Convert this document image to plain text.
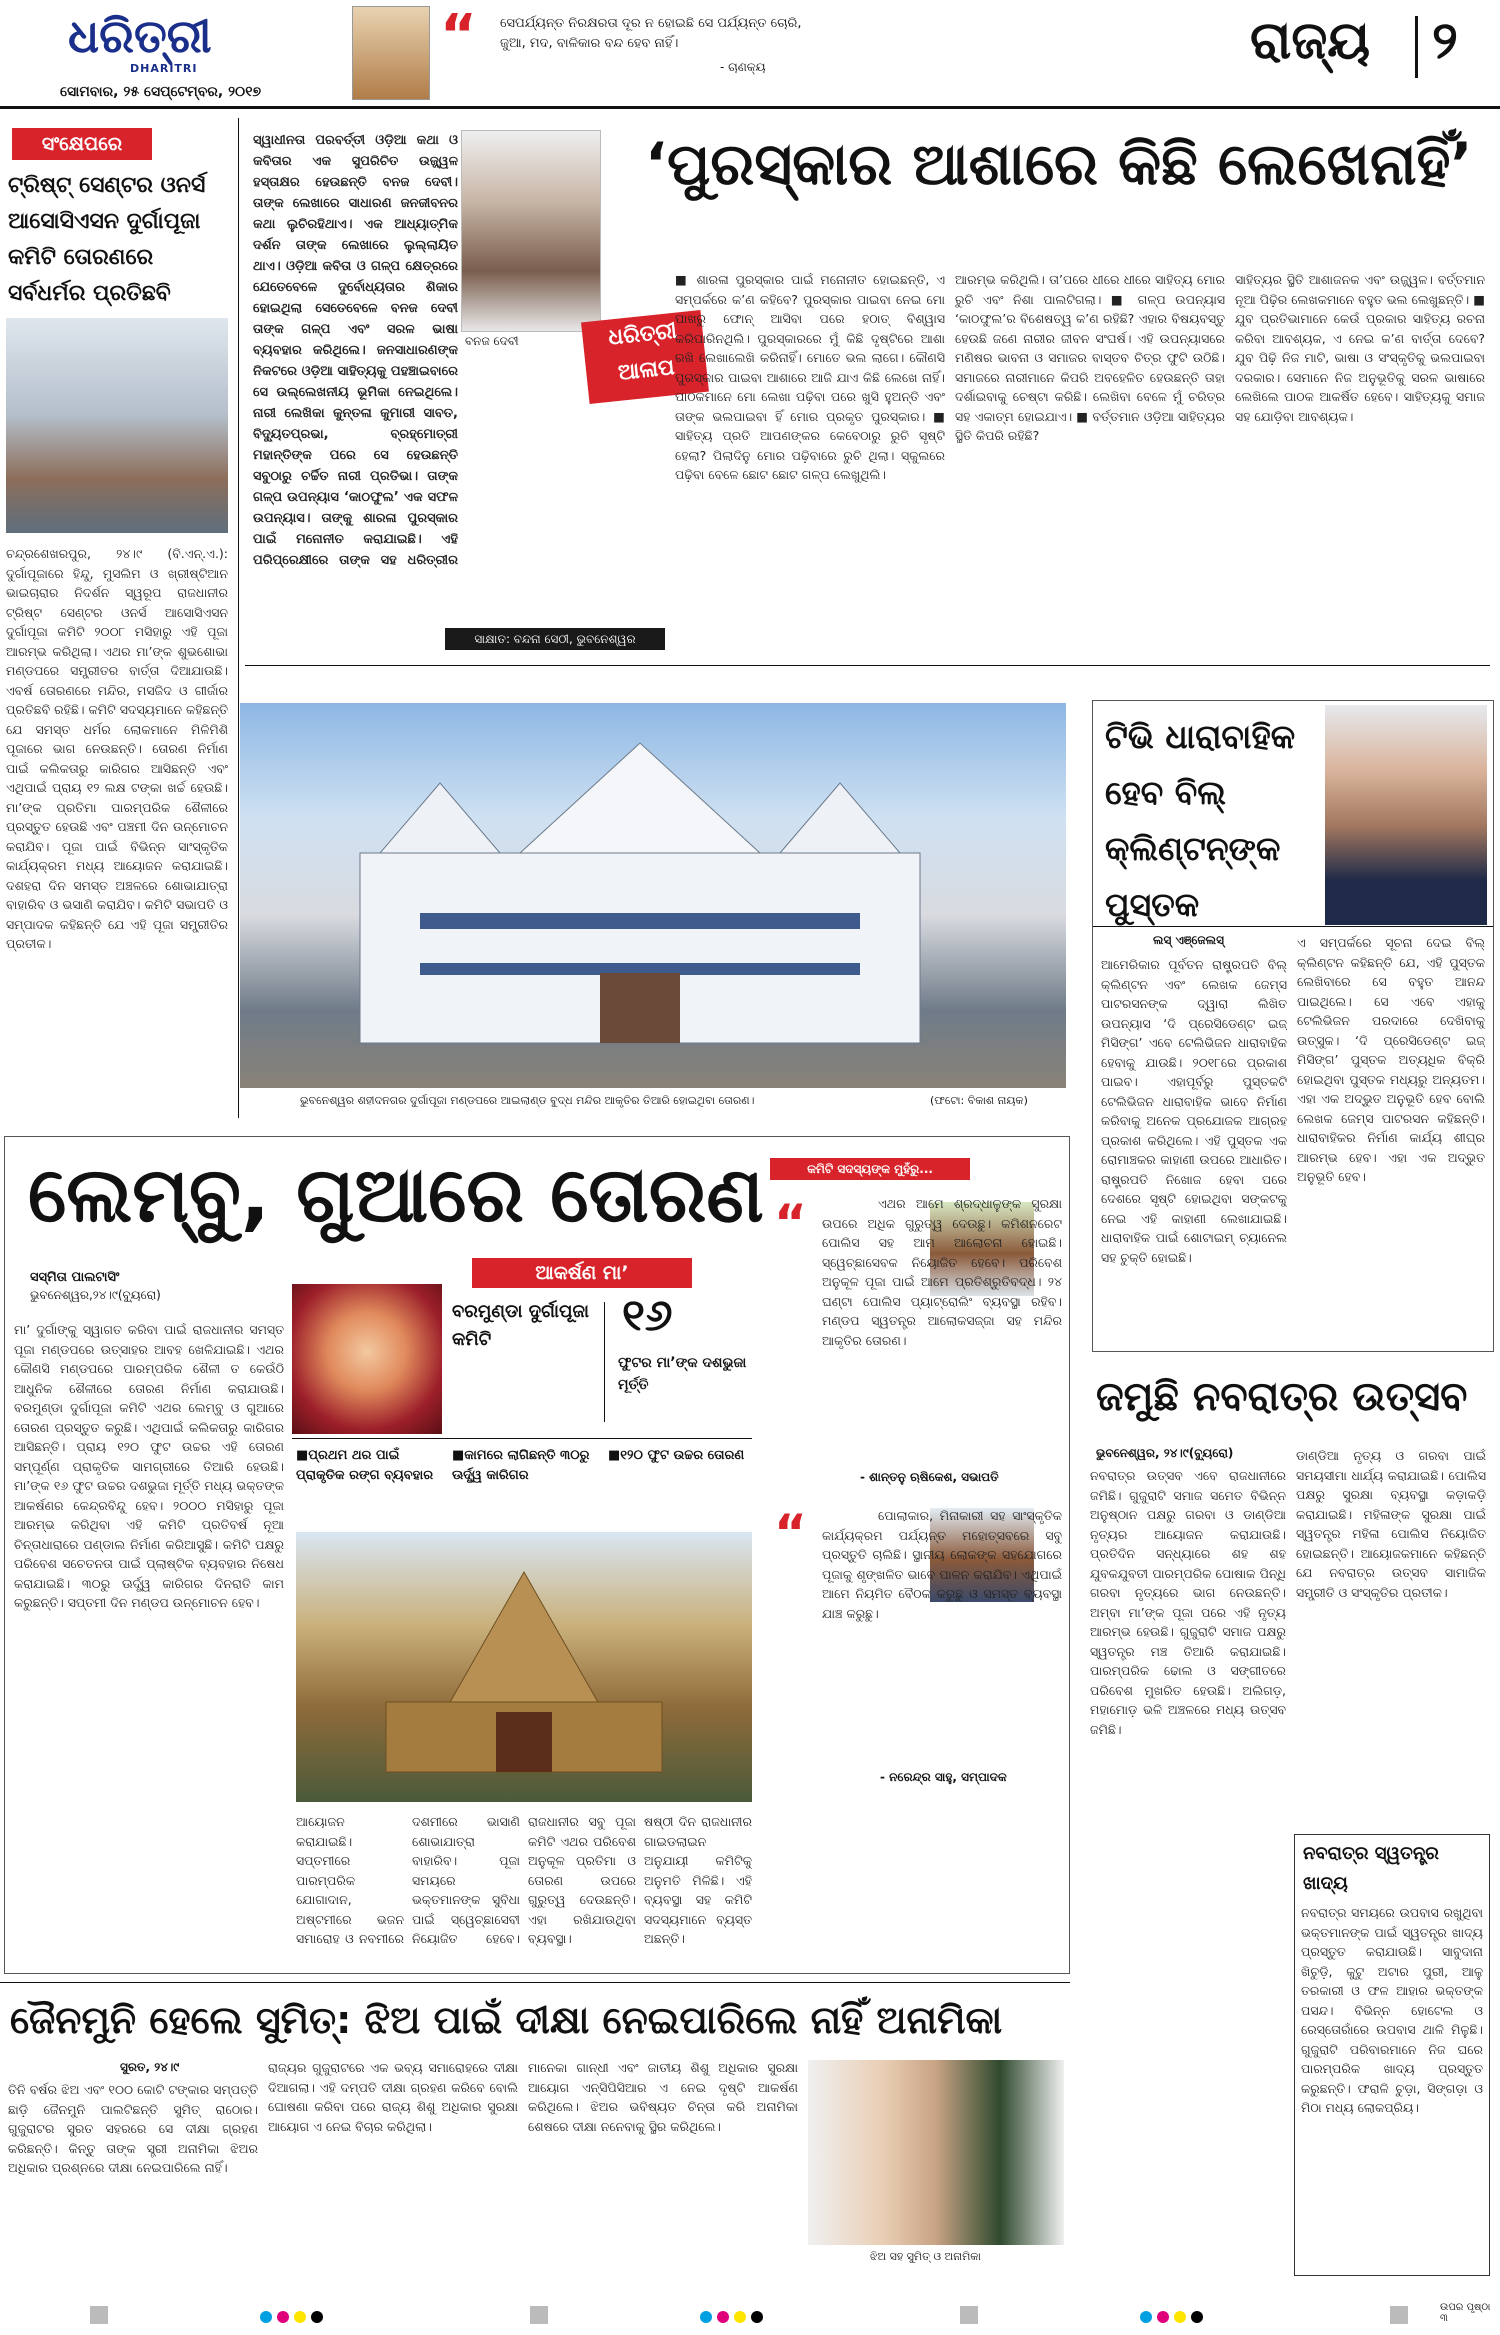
ଧରିତ୍ରୀ
DHARITRI
ସୋମବାର, ୨୫ ସେପ୍ଟେମ୍ବର, ୨୦୧୭
“ ସେପର୍ଯ୍ୟନ୍ତ ନିରକ୍ଷରତା ଦୂର ନ ହୋଇଛି ସେ ପର୍ଯ୍ୟନ୍ତ ଚୋରି, ଜୁଆ, ମଦ, ବାଳିକାର ବନ୍ଦ ହେବ ନାହିଁ।
- ଚାଣକ୍ୟ	ରାଜ୍ୟ ୨
ସଂକ୍ଷେପରେ
ଟ୍ରିଷ୍ଟ୍ ସେଣ୍ଟର ଓନର୍ସ ଆସୋସିଏସନ ଦୁର୍ଗାପୂଜା କମିଟି ତୋରଣରେ ସର୍ବଧର୍ମର ପ୍ରତିଛବି
ଚନ୍ଦ୍ରଶେଖରପୁର, ୨୪।୯ (ବି.ଏନ୍.ଏ.): ଦୁର୍ଗାପୂଜାରେ ହିନ୍ଦୁ, ମୁସଲିମ ଓ ଖ୍ରୀଷ୍ଟିଆନ ଭାଇଚାରାର ନିଦର୍ଶନ ସ୍ୱରୂପ ରାଜଧାନୀର ଟ୍ରିଷ୍ଟ ସେଣ୍ଟର ଓନର୍ସ ଆସୋସିଏସନ ଦୁର୍ଗାପୂଜା କମିଟି ୨୦୦୮ ମସିହାରୁ ଏହି ପୂଜା ଆରମ୍ଭ କରିଥିଲା। ଏଥର ମା’ଙ୍କ ଶୁଭଶୋଭା ମଣ୍ଡପରେ ସମ୍ପ୍ରୀତର ବାର୍ତ୍ତା ଦିଆଯାଉଛି। ଏବର୍ଷ ତୋରଣରେ ମନ୍ଦିର, ମସଜିଦ ଓ ଗୀର୍ଜାର ପ୍ରତିଛବି ରହିଛି। କମିଟି ସଦସ୍ୟମାନେ କହିଛନ୍ତି ଯେ ସମସ୍ତ ଧର୍ମର ଲୋକମାନେ ମିଳିମିଶି ପୂଜାରେ ଭାଗ ନେଉଛନ୍ତି। ତୋରଣ ନିର୍ମାଣ ପାଇଁ କଲିକତାରୁ କାରିଗର ଆସିଛନ୍ତି ଏବଂ ଏଥିପାଇଁ ପ୍ରାୟ ୧୨ ଲକ୍ଷ ଟଙ୍କା ଖର୍ଚ୍ଚ ହେଉଛି। ମା’ଙ୍କ ପ୍ରତିମା ପାରମ୍ପରିକ ଶୈଳୀରେ ପ୍ରସ୍ତୁତ ହେଉଛି ଏବଂ ପଞ୍ଚମୀ ଦିନ ଉନ୍ମୋଚନ କରାଯିବ। ପୂଜା ପାଇଁ ବିଭିନ୍ନ ସାଂସ୍କୃତିକ କାର୍ଯ୍ୟକ୍ରମ ମଧ୍ୟ ଆୟୋଜନ କରାଯାଇଛି। ଦଶହରା ଦିନ ସମସ୍ତ ଅଞ୍ଚଳରେ ଶୋଭାଯାତ୍ରା ବାହାରିବ ଓ ଭସାଣି କରାଯିବ। କମିଟି ସଭାପତି ଓ ସମ୍ପାଦକ କହିଛନ୍ତି ଯେ ଏହି ପୂଜା ସମ୍ପ୍ରୀତିର ପ୍ରତୀକ।
ସ୍ୱାଧୀନତା ପରବର୍ତ୍ତୀ ଓଡ଼ିଆ କଥା ଓ କବିତାର ଏକ ସୁପରିଚିତ ଉଜ୍ଜ୍ୱଳ ହସ୍ତାକ୍ଷର ହେଉଛନ୍ତି ବନଜ ଦେବୀ। ତାଙ୍କ ଲେଖାରେ ସାଧାରଣ ଜନଜୀବନର କଥା ଲୁଚିରହିଥାଏ। ଏକ ଆଧ୍ୟାତ୍ମିକ ଦର୍ଶନ ତାଙ୍କ ଲେଖାରେ ଲୁଲ୍ଲାୟିତ ଥାଏ। ଓଡ଼ିଆ କବିତା ଓ ଗଳ୍ପ କ୍ଷେତ୍ରରେ ଯେତେବେଳେ ଦୁର୍ବୋଧ୍ୟତାର ଶିକାର ହୋଇଥିଲା ସେତେବେଳେ ବନଜ ଦେବୀ ତାଙ୍କ ଗଳ୍ପ ଏବଂ ସରଳ ଭାଷା ବ୍ୟବହାର କରିଥିଲେ। ଜନସାଧାରଣଙ୍କ ନିକଟରେ ଓଡ଼ିଆ ସାହିତ୍ୟକୁ ପହଞ୍ଚାଇବାରେ ସେ ଉଲ୍ଲେଖନୀୟ ଭୂମିକା ନେଇଥିଲେ। ନାରୀ ଲେଖିକା କୁନ୍ତଳା କୁମାରୀ ସାବତ, ବିଦ୍ୟୁତପ୍ରଭା, ବ୍ରହ୍ମୋତ୍ରୀ ମହାନ୍ତିଙ୍କ ପରେ ସେ ହେଉଛନ୍ତି ସବୁଠାରୁ ଚର୍ଚ୍ଚିତ ନାରୀ ପ୍ରତିଭା। ତାଙ୍କ ଗଳ୍ପ ଉପନ୍ୟାସ ‘କାଠଫୁଲ’ ଏକ ସଫଳ ଉପନ୍ୟାସ। ତାଙ୍କୁ ଶାରଳା ପୁରସ୍କାର ପାଇଁ ମନୋନୀତ କରାଯାଇଛି। ଏହି ପରିପ୍ରେକ୍ଷୀରେ ତାଙ୍କ ସହ ଧରିତ୍ରୀର
ବନଜ ଦେବୀ	ଧରିତ୍ରୀ
ଆଳାପ
ସାକ୍ଷାତ: ବନ୍ଦନା ସେଠୀ, ଭୁବନେଶ୍ୱର
‘ପୁରସ୍କାର ଆଶାରେ କିଛି ଲେଖେନାହିଁ’
■ ଶାରଳା ପୁରସ୍କାର ପାଇଁ ମନୋନୀତ ହୋଇଛନ୍ତି, ଏ ସମ୍ପର୍କରେ କ’ଣ କହିବେ? ପୁରସ୍କାର ପାଇବା ନେଇ ମୋ ପାଖରୁ ଫୋନ୍ ଆସିବା ପରେ ହଠାତ୍ ବିଶ୍ୱାସ କରିପାରିନଥିଲି। ପୁରସ୍କାରରେ ମୁଁ କିଛି ଦୃଷ୍ଟିରେ ଆଶା ରଖି ଲେଖାଲେଖି କରିନାହିଁ। ମୋତେ ଭଲ ଲାଗେ। କୌଣସି ପୁରସ୍କାର ପାଇବା ଆଶାରେ ଆଜି ଯାଏ କିଛି ଲେଖେ ନାହିଁ। ପାଠକମାନେ ମୋ ଲେଖା ପଢ଼ିବା ପରେ ଖୁସି ହୁଅନ୍ତି ଏବଂ ତାଙ୍କ ଭଲପାଇବା ହିଁ ମୋର ପ୍ରକୃତ ପୁରସ୍କାର। ■ ସାହିତ୍ୟ ପ୍ରତି ଆପଣଙ୍କର କେବେଠାରୁ ରୁଚି ସୃଷ୍ଟି ହେଲା? ପିଲାଦିନୁ ମୋର ପଢ଼ିବାରେ ରୁଚି ଥିଲା। ସ୍କୁଲରେ ପଢ଼ିବା ବେଳେ ଛୋଟ ଛୋଟ ଗଳ୍ପ ଲେଖୁଥିଲି।
ଆରମ୍ଭ କରିଥିଲି। ତା’ପରେ ଧୀରେ ଧୀରେ ସାହିତ୍ୟ ମୋର ରୁଚି ଏବଂ ନିଶା ପାଲଟିଗଲା। ■ ଗଳ୍ପ ଉପନ୍ୟାସ ‘କାଠଫୁଲ’ର ବିଶେଷତ୍ୱ କ’ଣ ରହିଛି? ଏହାର ବିଷୟବସ୍ତୁ ହେଉଛି ଜଣେ ନାରୀର ଜୀବନ ସଂଘର୍ଷ। ଏହି ଉପନ୍ୟାସରେ ମଣିଷର ଭାବନା ଓ ସମାଜର ବାସ୍ତବ ଚିତ୍ର ଫୁଟି ଉଠିଛି। ସମାଜରେ ନାରୀମାନେ କିପରି ଅବହେଳିତ ହେଉଛନ୍ତି ତାହା ଦର୍ଶାଇବାକୁ ଚେଷ୍ଟା କରିଛି। ଲେଖିବା ବେଳେ ମୁଁ ଚରିତ୍ର ସହ ଏକାତ୍ମ ହୋଇଯାଏ। ■ ବର୍ତ୍ତମାନ ଓଡ଼ିଆ ସାହିତ୍ୟର ସ୍ଥିତି କିପରି ରହିଛି?
ସାହିତ୍ୟର ସ୍ଥିତି ଆଶାଜନକ ଏବଂ ଉଜ୍ଜ୍ୱଳ। ବର୍ତ୍ତମାନ ନୂଆ ପିଢ଼ିର ଲେଖକମାନେ ବହୁତ ଭଲ ଲେଖୁଛନ୍ତି। ■ ଯୁବ ପ୍ରତିଭାମାନେ କେଉଁ ପ୍ରକାର ସାହିତ୍ୟ ରଚନା କରିବା ଆବଶ୍ୟକ, ଏ ନେଇ କ’ଣ ବାର୍ତ୍ତା ଦେବେ? ଯୁବ ପିଢ଼ି ନିଜ ମାଟି, ଭାଷା ଓ ସଂସ୍କୃତିକୁ ଭଲପାଇବା ଦରକାର। ସେମାନେ ନିଜ ଅନୁଭୂତିକୁ ସରଳ ଭାଷାରେ ଲେଖିଲେ ପାଠକ ଆକର୍ଷିତ ହେବେ। ସାହିତ୍ୟକୁ ସମାଜ ସହ ଯୋଡ଼ିବା ଆବଶ୍ୟକ।
ଭୁବନେଶ୍ୱର ଶହୀଦନଗର ଦୁର୍ଗାପୂଜା ମଣ୍ଡପରେ ଆଇଲାଣ୍ଡ ବୁଦ୍ଧ ମନ୍ଦିର ଆକୃତିର ତିଆରି ହୋଇଥିବା ତୋରଣ।	(ଫଟୋ: ବିକାଶ ନାୟକ)
ଟିଭି ଧାରାବାହିକ ହେବ ବିଲ୍ କ୍ଲିଣ୍ଟନ୍‌ଙ୍କ ପୁସ୍ତକ
ଲସ୍ ଏଞ୍ଜେଲସ୍
ଆମେରିକାର ପୂର୍ବତନ ରାଷ୍ଟ୍ରପତି ବିଲ୍ କ୍ଲିଣ୍ଟନ ଏବଂ ଲେଖକ ଜେମ୍ସ ପାଟରସନଙ୍କ ଦ୍ୱାରା ଲିଖିତ ଉପନ୍ୟାସ ‘ଦି ପ୍ରେସିଡେଣ୍ଟ ଇଜ୍ ମିସିଙ୍ଗ’ ଏବେ ଟେଲିଭିଜନ ଧାରାବାହିକ ହେବାକୁ ଯାଉଛି। ୨୦୧୮ରେ ପ୍ରକାଶ ପାଇବ। ଏହାପୂର୍ବରୁ ପୁସ୍ତକଟି ଟେଲିଭିଜନ ଧାରାବାହିକ ଭାବେ ନିର୍ମାଣ କରିବାକୁ ଅନେକ ପ୍ରଯୋଜକ ଆଗ୍ରହ ପ୍ରକାଶ କରିଥିଲେ। ଏହି ପୁସ୍ତକ ଏକ ରୋମାଞ୍ଚକର କାହାଣୀ ଉପରେ ଆଧାରିତ। ରାଷ୍ଟ୍ରପତି ନିଖୋଜ ହେବା ପରେ ଦେଶରେ ସୃଷ୍ଟି ହୋଇଥିବା ସଙ୍କଟକୁ ନେଇ ଏହି କାହାଣୀ ଲେଖାଯାଇଛି। ଧାରାବାହିକ ପାଇଁ ଶୋଟାଇମ୍ ଚ୍ୟାନେଲ ସହ ଚୁକ୍ତି ହୋଇଛି।
ଏ ସମ୍ପର୍କରେ ସୂଚନା ଦେଇ ବିଲ୍ କ୍ଲିଣ୍ଟନ କହିଛନ୍ତି ଯେ, ଏହି ପୁସ୍ତକ ଲେଖିବାରେ ସେ ବହୁତ ଆନନ୍ଦ ପାଇଥିଲେ। ସେ ଏବେ ଏହାକୁ ଟେଲିଭିଜନ ପରଦାରେ ଦେଖିବାକୁ ଉତ୍ସୁକ। ‘ଦି ପ୍ରେସିଡେଣ୍ଟ ଇଜ୍ ମିସିଙ୍ଗ’ ପୁସ୍ତକ ଅତ୍ୟଧିକ ବିକ୍ରି ହୋଇଥିବା ପୁସ୍ତକ ମଧ୍ୟରୁ ଅନ୍ୟତମ। ଏହା ଏକ ଅଦ୍ଭୁତ ଅନୁଭୂତି ହେବ ବୋଲି ଲେଖକ ଜେମ୍ସ ପାଟରସନ କହିଛନ୍ତି। ଧାରାବାହିକର ନିର୍ମାଣ କାର୍ଯ୍ୟ ଶୀଘ୍ର ଆରମ୍ଭ ହେବ। ଏହା ଏକ ଅଦ୍ଭୁତ ଅନୁଭୂତି ହେବ।
ଲେମ୍ବୁ, ଗୁଆରେ ତୋରଣ
ସସ୍ମିତା ପାଲଟାସିଂ
ଭୁବନେଶ୍ୱର,୨୪।୯(ବ୍ୟୁରୋ)
ମା’ ଦୁର୍ଗାଙ୍କୁ ସ୍ୱାଗତ କରିବା ପାଇଁ ରାଜଧାନୀର ସମସ୍ତ ପୂଜା ମଣ୍ଡପରେ ଉତ୍ସାହର ଆବହ ଖେଳିଯାଇଛି। ଏଥର କୌଣସି ମଣ୍ଡପରେ ପାରମ୍ପରିକ ଶୈଳୀ ତ କେଉଁଠି ଆଧୁନିକ ଶୈଳୀରେ ତୋରଣ ନିର୍ମାଣ କରାଯାଉଛି। ବରମୁଣ୍ଡା ଦୁର୍ଗାପୂଜା କମିଟି ଏଥର ଲେମ୍ବୁ ଓ ଗୁଆରେ ତୋରଣ ପ୍ରସ୍ତୁତ କରୁଛି। ଏଥିପାଇଁ କଲିକତାରୁ କାରିଗର ଆସିଛନ୍ତି। ପ୍ରାୟ ୧୨୦ ଫୁଟ ଉଚ୍ଚର ଏହି ତୋରଣ ସମ୍ପୂର୍ଣ୍ଣ ପ୍ରାକୃତିକ ସାମଗ୍ରୀରେ ତିଆରି ହେଉଛି। ମା’ଙ୍କ ୧୬ ଫୁଟ ଉଚ୍ଚର ଦଶଭୁଜା ମୂର୍ତ୍ତି ମଧ୍ୟ ଭକ୍ତଙ୍କ ଆକର୍ଷଣର କେନ୍ଦ୍ରବିନ୍ଦୁ ହେବ। ୨୦୦୦ ମସିହାରୁ ପୂଜା ଆରମ୍ଭ କରିଥିବା ଏହି କମିଟି ପ୍ରତିବର୍ଷ ନୂଆ ଚିନ୍ତାଧାରାରେ ପଣ୍ଡାଲ ନିର୍ମାଣ କରିଆସୁଛି। କମିଟି ପକ୍ଷରୁ ପରିବେଶ ସଚେତନତା ପାଇଁ ପ୍ଲାଷ୍ଟିକ ବ୍ୟବହାର ନିଷେଧ କରାଯାଇଛି। ୩୦ରୁ ଊର୍ଦ୍ଧ୍ୱ କାରିଗର ଦିନରାତି କାମ କରୁଛନ୍ତି। ସପ୍ତମୀ ଦିନ ମଣ୍ଡପ ଉନ୍ମୋଚନ ହେବ।
ଆକର୍ଷଣ ମା’
ବରମୁଣ୍ଡା ଦୁର୍ଗାପୂଜା କମିଟି	୧୬
ଫୁଟର ମା’ଙ୍କ ଦଶଭୁଜା ମୂର୍ତ୍ତି
■ପ୍ରଥମ ଥର ପାଇଁ ପ୍ରାକୃତିକ ରଙ୍ଗ ବ୍ୟବହାର
■କାମରେ ଲାଗିଛନ୍ତି ୩୦ରୁ ଊର୍ଦ୍ଧ୍ୱ କାରିଗର
■୧୨୦ ଫୁଟ ଉଚ୍ଚର ତୋରଣ
ଆୟୋଜନ କରାଯାଇଛି। ସପ୍ତମୀରେ ପାରମ୍ପରିକ ଯୋଗାଦାନ, ଅଷ୍ଟମୀରେ ଭଜନ ସମାରୋହ ଓ ନବମୀରେ
ଦଶମୀରେ ଭାସାଣି ଶୋଭାଯାତ୍ରା ବାହାରିବ। ପୂଜା ସମୟରେ ଭକ୍ତମାନଙ୍କ ସୁବିଧା ପାଇଁ ସ୍ୱେଚ୍ଛାସେବୀ ନିୟୋଜିତ ହେବେ।
ରାଜଧାନୀର ସବୁ ପୂଜା କମିଟି ଏଥର ପରିବେଶ ଅନୁକୂଳ ପ୍ରତିମା ଓ ତୋରଣ ଉପରେ ଗୁରୁତ୍ୱ ଦେଉଛନ୍ତି। ଏହା ରଖିଯାଉଥିବା ବ୍ୟବସ୍ଥା।
ଷଷ୍ଠୀ ଦିନ ରାଜଧାନୀର ଗାଇଡଲାଇନ ଅନୁଯାୟୀ କମିଟିକୁ ଅନୁମତି ମିଳିଛି। ଏହି ବ୍ୟବସ୍ଥା ସହ କମିଟି ସଦସ୍ୟମାନେ ବ୍ୟସ୍ତ ଅଛନ୍ତି।
କମିଟି ସଦସ୍ୟଙ୍କ ମୁହଁରୁ...
“	ଏଥର ଆମେ ଶ୍ରଦ୍ଧାଳୁଙ୍କ ସୁରକ୍ଷା ଉପରେ ଅଧିକ ଗୁରୁତ୍ୱ ଦେଉଛୁ। କମିଶନରେଟ ପୋଲିସ ସହ ଆମ ଆଲୋଚନା ହୋଇଛି। ସ୍ୱେଚ୍ଛାସେବକ ନିୟୋଜିତ ହେବେ। ପରିବେଶ ଅନୁକୂଳ ପୂଜା ପାଇଁ ଆମେ ପ୍ରତିଶ୍ରୁତିବଦ୍ଧ। ୨୪ ଘଣ୍ଟା ପୋଲିସ ପ୍ୟାଟ୍ରୋଲିଂ ବ୍ୟବସ୍ଥା ରହିବ। ମଣ୍ଡପ ସ୍ୱତନ୍ତ୍ର ଆଲୋକସଜ୍ଜା ସହ ମନ୍ଦିର ଆକୃତିର ତୋରଣ।
- ଶାନ୍ତନୁ ଋଷିକେଶ, ସଭାପତି
“	ପୋଲାକାର, ମିନାକାରୀ ସହ ସାଂସ୍କୃତିକ କାର୍ଯ୍ୟକ୍ରମ ପର୍ଯ୍ୟନ୍ତ ମହୋତ୍ସବରେ ସବୁ ପ୍ରସ୍ତୁତି ଚାଲିଛି। ସ୍ଥାନୀୟ ଲୋକଙ୍କ ସହଯୋଗରେ ପୂଜାକୁ ଶୃଙ୍ଖଳିତ ଭାବେ ପାଳନ କରାଯିବ। ଏଥିପାଇଁ ଆମେ ନିୟମିତ ବୈଠକ କରୁଛୁ ଓ ସମସ୍ତ ବ୍ୟବସ୍ଥା ଯାଞ୍ଚ କରୁଛୁ।
- ନରେନ୍ଦ୍ର ସାହୁ, ସମ୍ପାଦକ
ଜମୁଛି ନବରାତ୍ର ଉତ୍ସବ
ଭୁବନେଶ୍ୱର, ୨୪।୯(ବ୍ୟୁରୋ)
ନବରାତ୍ର ଉତ୍ସବ ଏବେ ରାଜଧାନୀରେ ଜମିଛି। ଗୁଜୁରାଟି ସମାଜ ସମେତ ବିଭିନ୍ନ ଅନୁଷ୍ଠାନ ପକ୍ଷରୁ ଗରବା ଓ ଡାଣ୍ଡିଆ ନୃତ୍ୟର ଆୟୋଜନ କରାଯାଉଛି। ପ୍ରତିଦିନ ସନ୍ଧ୍ୟାରେ ଶହ ଶହ ଯୁବକଯୁବତୀ ପାରମ୍ପରିକ ପୋଷାକ ପିନ୍ଧି ଗରବା ନୃତ୍ୟରେ ଭାଗ ନେଉଛନ୍ତି। ଅମ୍ବା ମା’ଙ୍କ ପୂଜା ପରେ ଏହି ନୃତ୍ୟ ଆରମ୍ଭ ହେଉଛି। ଗୁଜୁରାଟି ସମାଜ ପକ୍ଷରୁ ସ୍ୱତନ୍ତ୍ର ମଞ୍ଚ ତିଆରି କରାଯାଇଛି। ପାରମ୍ପରିକ ଢୋଲ ଓ ସଙ୍ଗୀତରେ ପରିବେଶ ମୁଖରିତ ହେଉଛି। ଅଲିଗଡ଼, ମହାମୋଡ଼ ଭଳି ଅଞ୍ଚଳରେ ମଧ୍ୟ ଉତ୍ସବ ଜମିଛି।
ଡାଣ୍ଡିଆ ନୃତ୍ୟ ଓ ଗରବା ପାଇଁ ସମୟସୀମା ଧାର୍ଯ୍ୟ କରାଯାଇଛି। ପୋଲିସ ପକ୍ଷରୁ ସୁରକ୍ଷା ବ୍ୟବସ୍ଥା କଡ଼ାକଡ଼ି କରାଯାଇଛି। ମହିଳାଙ୍କ ସୁରକ୍ଷା ପାଇଁ ସ୍ୱତନ୍ତ୍ର ମହିଳା ପୋଲିସ ନିୟୋଜିତ ହୋଇଛନ୍ତି। ଆୟୋଜକମାନେ କହିଛନ୍ତି ଯେ ନବରାତ୍ର ଉତ୍ସବ ସାମାଜିକ ସମ୍ପ୍ରୀତି ଓ ସଂସ୍କୃତିର ପ୍ରତୀକ।
ନବରାତ୍ର ସ୍ୱତନ୍ତ୍ର ଖାଦ୍ୟ
ନବରାତ୍ର ସମୟରେ ଉପବାସ ରଖୁଥିବା ଭକ୍ତମାନଙ୍କ ପାଇଁ ସ୍ୱତନ୍ତ୍ର ଖାଦ୍ୟ ପ୍ରସ୍ତୁତ କରାଯାଉଛି। ସାବୁଦାନା ଖିଚୁଡ଼ି, କୁଟୁ ଅଟାର ପୁରୀ, ଆଳୁ ତରକାରୀ ଓ ଫଳ ଆହାର ଭକ୍ତଙ୍କ ପସନ୍ଦ। ବିଭିନ୍ନ ହୋଟେଲ ଓ ରେସ୍ତୋରାଁରେ ଉପବାସ ଥାଳି ମିଳୁଛି। ଗୁଜୁରାଟି ପରିବାରମାନେ ନିଜ ଘରେ ପାରମ୍ପରିକ ଖାଦ୍ୟ ପ୍ରସ୍ତୁତ କରୁଛନ୍ତି। ଫରାଳି ଚୁଡ଼ା, ସିଙ୍ଗଡ଼ା ଓ ମିଠା ମଧ୍ୟ ଲୋକପ୍ରିୟ।
ଜୈନମୁନି ହେଲେ ସୁମିତ୍: ଝିଅ ପାଇଁ ଦୀକ୍ଷା ନେଇପାରିଲେ ନାହିଁ ଅନାମିକା
ସୁରତ, ୨୪।୯
ତିନି ବର୍ଷର ଝିଅ ଏବଂ ୧୦୦ କୋଟି ଟଙ୍କାର ସମ୍ପତ୍ତି ଛାଡ଼ି ଜୈନମୁନି ପାଲଟିଛନ୍ତି ସୁମିତ୍ ରାଠୋର। ଗୁଜୁରାଟର ସୁରତ ସହରରେ ସେ ଦୀକ୍ଷା ଗ୍ରହଣ କରିଛନ୍ତି। କିନ୍ତୁ ତାଙ୍କ ସ୍ତ୍ରୀ ଅନାମିକା ଝିଅର ଅଧିକାର ପ୍ରଶ୍ନରେ ଦୀକ୍ଷା ନେଇପାରିଲେ ନାହିଁ।
ରାଜ୍ୟର ଗୁଜୁରାଟରେ ଏକ ଭବ୍ୟ ସମାରୋହରେ ଦୀକ୍ଷା ଦିଆଗଲା। ଏହି ଦମ୍ପତି ଦୀକ୍ଷା ଗ୍ରହଣ କରିବେ ବୋଲି ଘୋଷଣା କରିବା ପରେ ରାଜ୍ୟ ଶିଶୁ ଅଧିକାର ସୁରକ୍ଷା ଆୟୋଗ ଏ ନେଇ ବିଚାର କରିଥିଲା।
ମାନେକା ଗାନ୍ଧୀ ଏବଂ ଜାତୀୟ ଶିଶୁ ଅଧିକାର ସୁରକ୍ଷା ଆୟୋଗ ଏନ୍‌ସିପିସିଆର ଏ ନେଇ ଦୃଷ୍ଟି ଆକର୍ଷଣ କରିଥିଲେ। ଝିଅର ଭବିଷ୍ୟତ ଚିନ୍ତା କରି ଅନାମିକା ଶେଷରେ ଦୀକ୍ଷା ନନେବାକୁ ସ୍ଥିର କରିଥିଲେ।
ଝିଅ ସହ ସୁମିତ୍ ଓ ଅନାମିକା

ଉପର ପୃଷ୍ଠା ୩
